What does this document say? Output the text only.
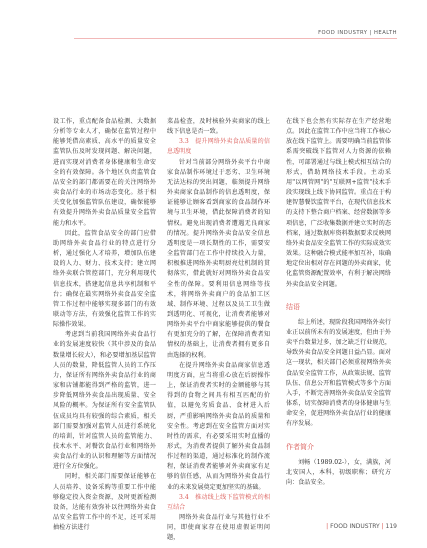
FOOD INDUSTRY | HEALTH

设工作，重点配备食品检测、大数据分析等专业人才，确保在监管过程中能够凭借高素质、高水平的质量安全监管队伍及时发现问题、解决问题，进而实现对消费者身体健康和生命安全的有效保障。各个地区负责监管食品安全的部门都需要在的关注网络外卖食品行业的市场动态变化。基于相关变化加强监管队伍建设，确保能够有效提升网络外卖食品质量安全监管能力和水平。

因此，监管食品安全的部门应借助网络外卖食品行业的特点进行分析，通过强化人才培养，增加队伍建设的人力、财力、技术支持；建立网络外卖联合管控部门，充分利用现代信息技术，搭建起信息共享机制和平台；确保在最实网络外卖食品安全监管工作过程中能够实现多部门的有效联动等方法，有效强化监管工作的实际操作效果。

考虑到当前我国网络外卖食品行业的发展速度较快（其中涉及的食品数量增长较大），和必要增加基层监管人员的数量，降低监管人员的工作压力，保证所有网络外卖食品行业的商家和店铺都能得到严格的监管，进一步降低网络外卖食品出现质量、安全风险的概率。为保证所有安全监管队伍成员均具有较强的综合素质，相关部门需要加强对监管人员进行系统化的培训，针对监管人员的监管能力、技术水平、对餐饮食品行业和网络外卖食品行业的认识和理解等方面情况进行全方位强化。

同时，相关部门需要保证能够在人员培养、设备采购等重要工作中能够稳定投入资金资源，及时更新检测设备，达能有效弥补以往网络外卖食品安全监管工作中的不足，还可采用抽检方法进行

菜品检查，及时核验外卖商家的线上线下信息是否一致。

3.3　提升网络外卖食品质量的信息透明度

针对当前部分网络外卖平台中商家食品制作环境过于恶劣、卫生环境无法达标的突出问题，临须提升网络外卖商家食品制作的信息透明度，保证能够让顾客看到商家的食品制作环境与卫生环境，借此保障消费者的知情权。避免出现消费者遭遇无良商家的情况。提升网络外卖食品安全信息透明度是一项长期性的工作，需要安全监管部门在工作中持续投入力量，积极推进网络外卖明厨亮灶机制的贯彻落实，借此就好对网络外卖食品安全性的保障。要利用信息网络等技术，将网络外卖商户的食品加工区域、制作环境、过程以及员工卫生做到透明化、可视化，让消费者能够对网络外卖平台中商家能够提供的餐食有更加充分的了解，在保障消费者知情权的基础上，让消费者拥有更多自由选择的权利。

在提升网络外卖食品商家信息透明度方面，应当将重心放在后厨操作上，保证消费者实时的金额能够与其得到的食物之间具有相互匹配的价值，以避免劣质食品、食材进入后厨，严重影响网络外卖食品的质量和安全性。考虑到在安全监管方面对实时性的需求，有必要采用实时直播的形式，为消费者提供了解外卖食品制作过程的渠道，通过标准化的制作流程，保证消费者能够对外卖商家有足够的信任感，从而为网络外卖食品行业的未来发展奠定更加坚实的基础。

3.4　推动线上线下监管模式的相互结合

网络外卖食品行业与其他行业不同，即使商家存在使用虚假证明问题，

在线下也会然有实际存在生产经营地点。因此在监管工作中应当将工作核心放在线下监管上。需要明确当前监管体系需突破线下监管对人力资源的依赖性，可部署通过与线上模式相互结合的形式，借助网络技术手段。主动采用"以网管网"的"互联网+监管"技术手段实现线上线下协同监管。重点在于构建智慧餐饮监管平台，在现代信息技术的支持下整合商户档案、经营数据等多项信息，广泛收集数据并建立实时的态档案，通过数据库资料数据要求反映网络外卖食品安全监管工作的实际成效实效果。这种融合模式能率加互补，取确地定位出相对存在问题的外卖商家，优化监管资源配置效率，有利于解决网络外卖食品安全问题。

结语

综上所述，现阶段我国网络外卖行业正以前所未有的发展速度，但由于外卖平台数量过多，加之缺乏行业规范，导致外卖食品安全问题日益凸显。面对这一现状，相关部门必须重视网络外卖食品安全监管工作，从政策法规、监管队伍、信息公开和监管模式等多个方面入手，不断完善网络外卖食品安全监管体系，切实保障消费者的身体健康与生命安全，促进网络外卖食品行业的健康有序发展。

作者简介

刘畅（1989.02-），女，满族，河北安国人，本科，初级职称；研究方向：食品安全。

| FOOD INDUSTRY | 119
